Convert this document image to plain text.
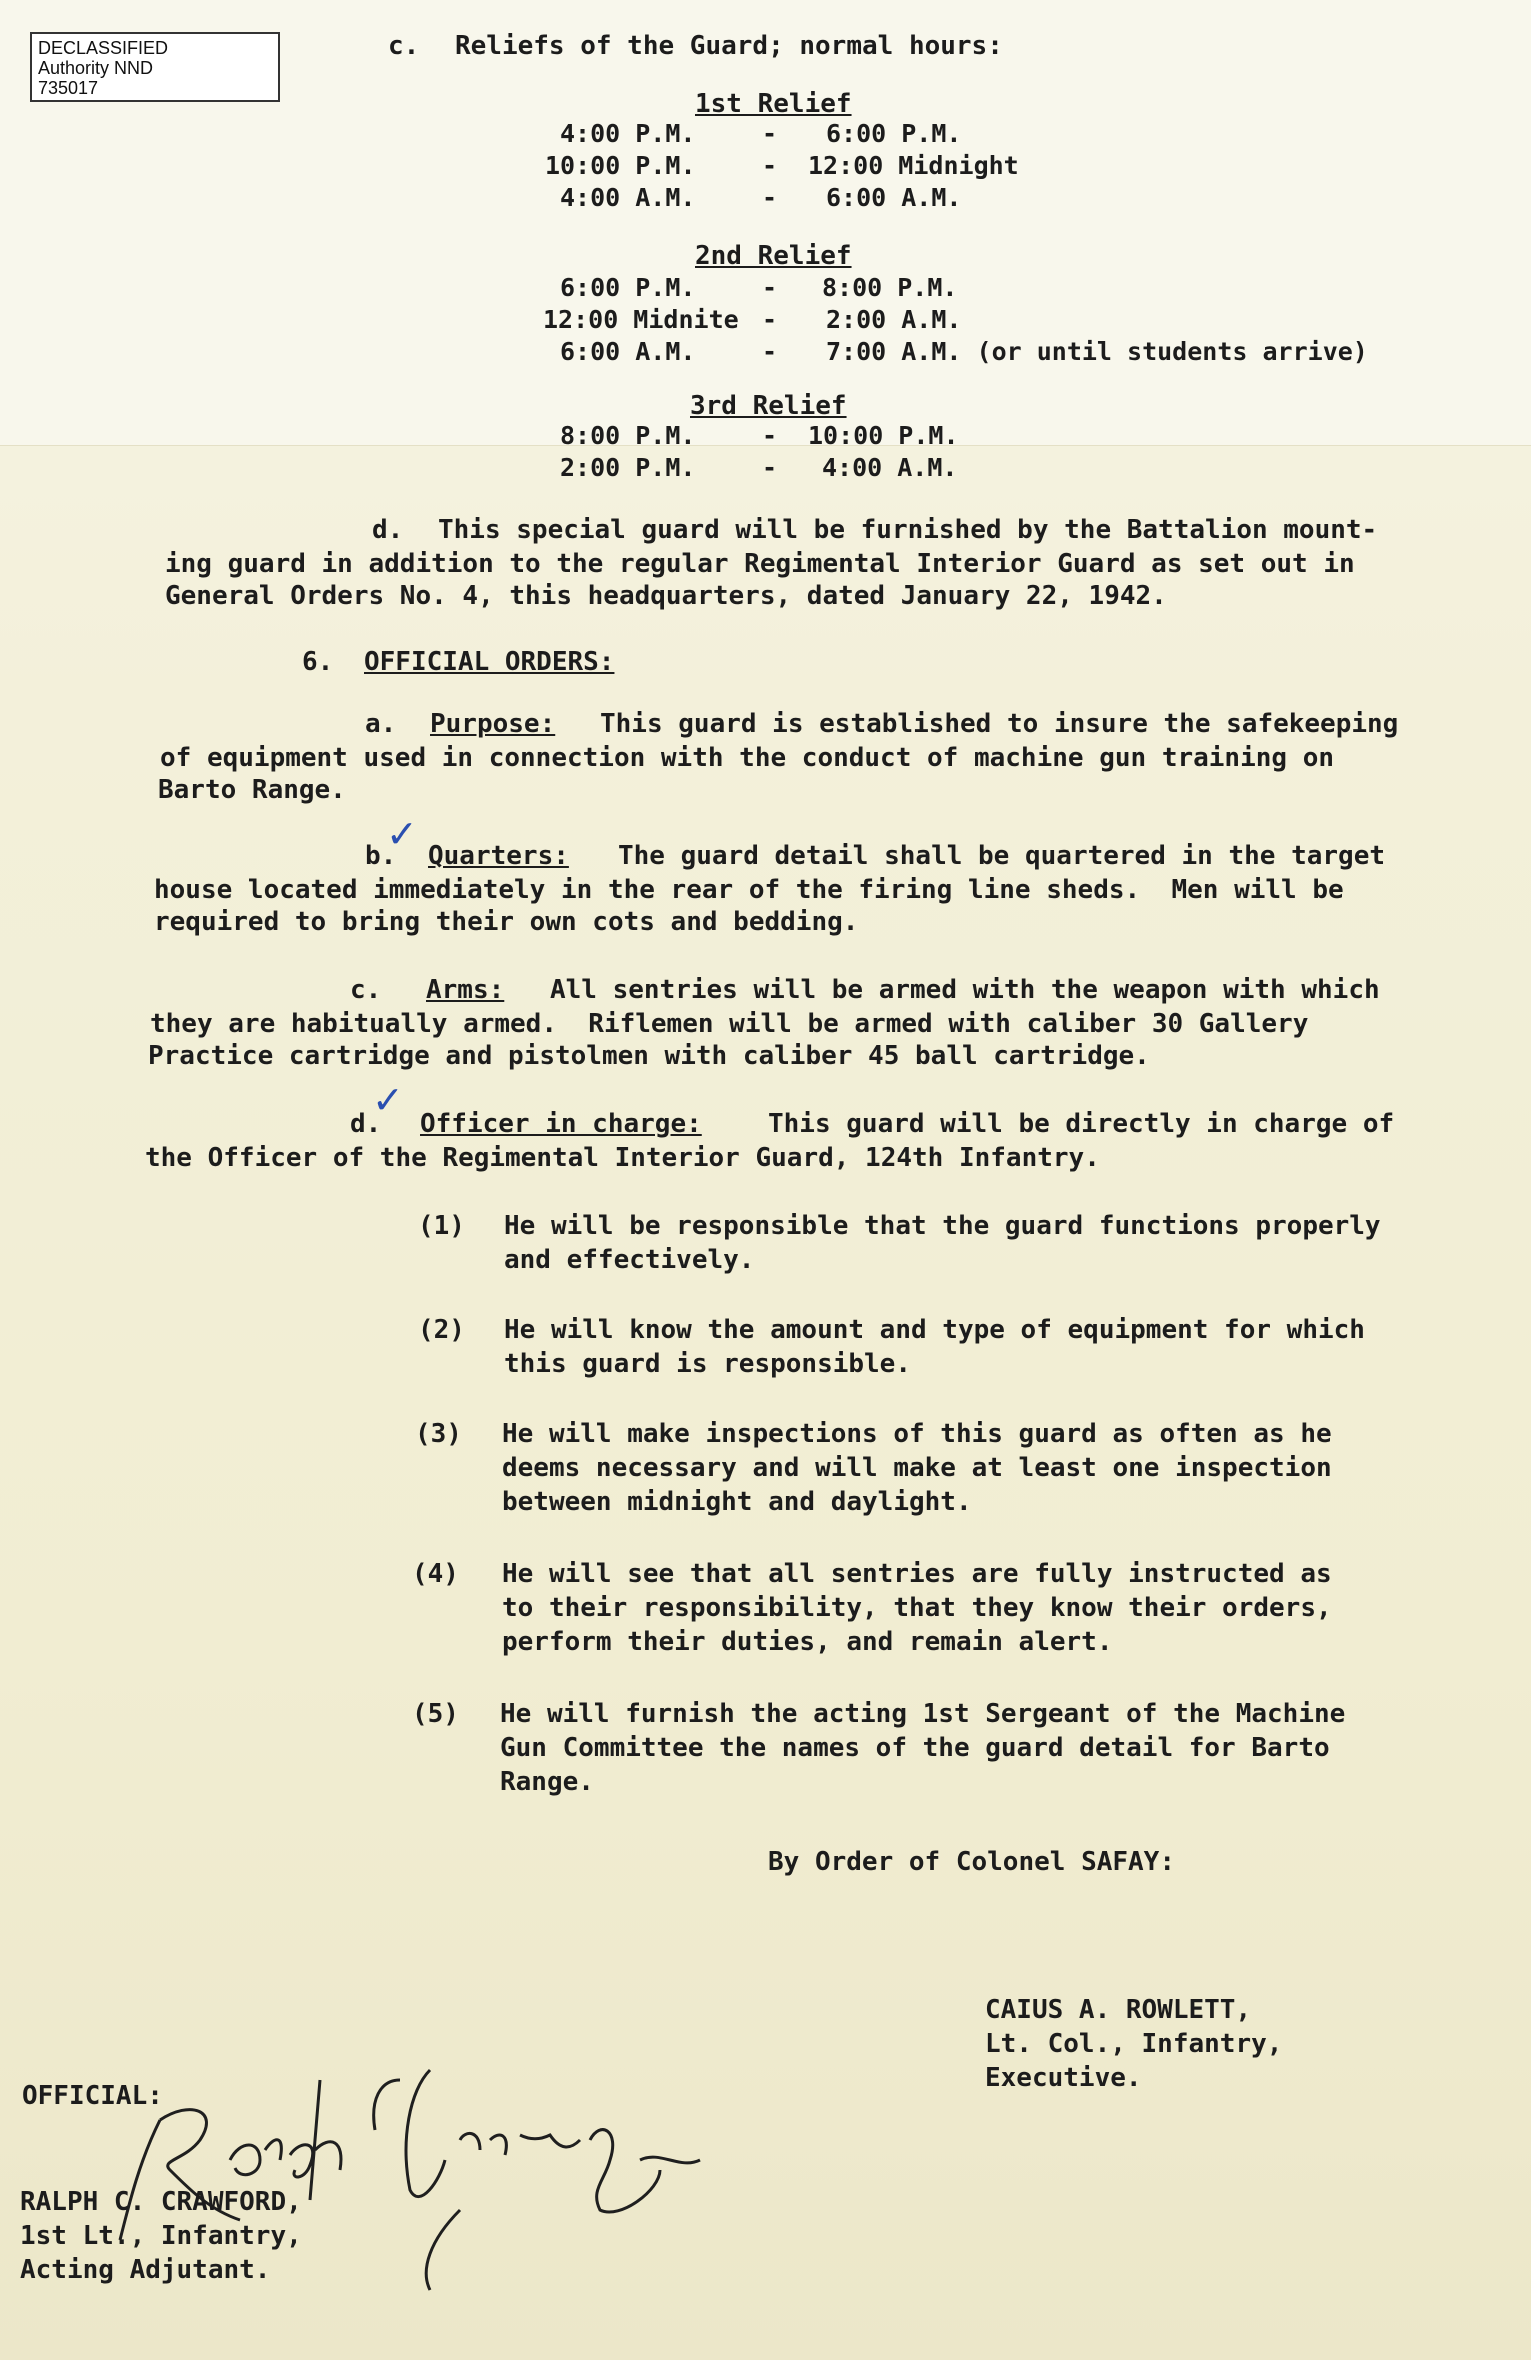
DECLASSIFIED
Authority NND
735017
c. Reliefs of the Guard; normal hours:
1st Relief
4:00 P.M.	- 6:00 P.M.
10:00 P.M.	- 12:00 Midnight
4:00 A.M.	- 6:00 A.M.
2nd Relief
6:00 P.M.	- 8:00 P.M.
12:00 Midnite - 2:00 A.M.
6:00 A.M.	- 7:00 A.M. (or until students arrive)
3rd Relief
8:00 P.M.	- 10:00 P.M.
2:00 P.M.	- 4:00 A.M.
d. This special guard will be furnished by the Battalion mount-
ing guard in addition to the regular Regimental Interior Guard as set out in
General Orders No. 4, this headquarters, dated January 22, 1942.
6. OFFICIAL ORDERS:
a. Purpose: This guard is established to insure the safekeeping
of equipment used in connection with the conduct of machine gun training on
Barto Range.
✓
b. Quarters: The guard detail shall be quartered in the target
house located immediately in the rear of the firing line sheds.  Men will be
required to bring their own cots and bedding.
c. Arms: All sentries will be armed with the weapon with which
they are habitually armed.  Riflemen will be armed with caliber 30 Gallery
Practice cartridge and pistolmen with caliber 45 ball cartridge.
✓
d. Officer in charge:	This guard will be directly in charge of
the Officer of the Regimental Interior Guard, 124th Infantry.
(1) He will be responsible that the guard functions properly
and effectively.
(2) He will know the amount and type of equipment for which
this guard is responsible.
(3) He will make inspections of this guard as often as he
deems necessary and will make at least one inspection
between midnight and daylight.
(4) He will see that all sentries are fully instructed as
to their responsibility, that they know their orders,
perform their duties, and remain alert.
(5) He will furnish the acting 1st Sergeant of the Machine
Gun Committee the names of the guard detail for Barto
Range.
By Order of Colonel SAFAY:
CAIUS A. ROWLETT,
Lt. Col., Infantry,
Executive.
OFFICIAL:
RALPH C. CRAWFORD,
1st Lt., Infantry,
Acting Adjutant.
